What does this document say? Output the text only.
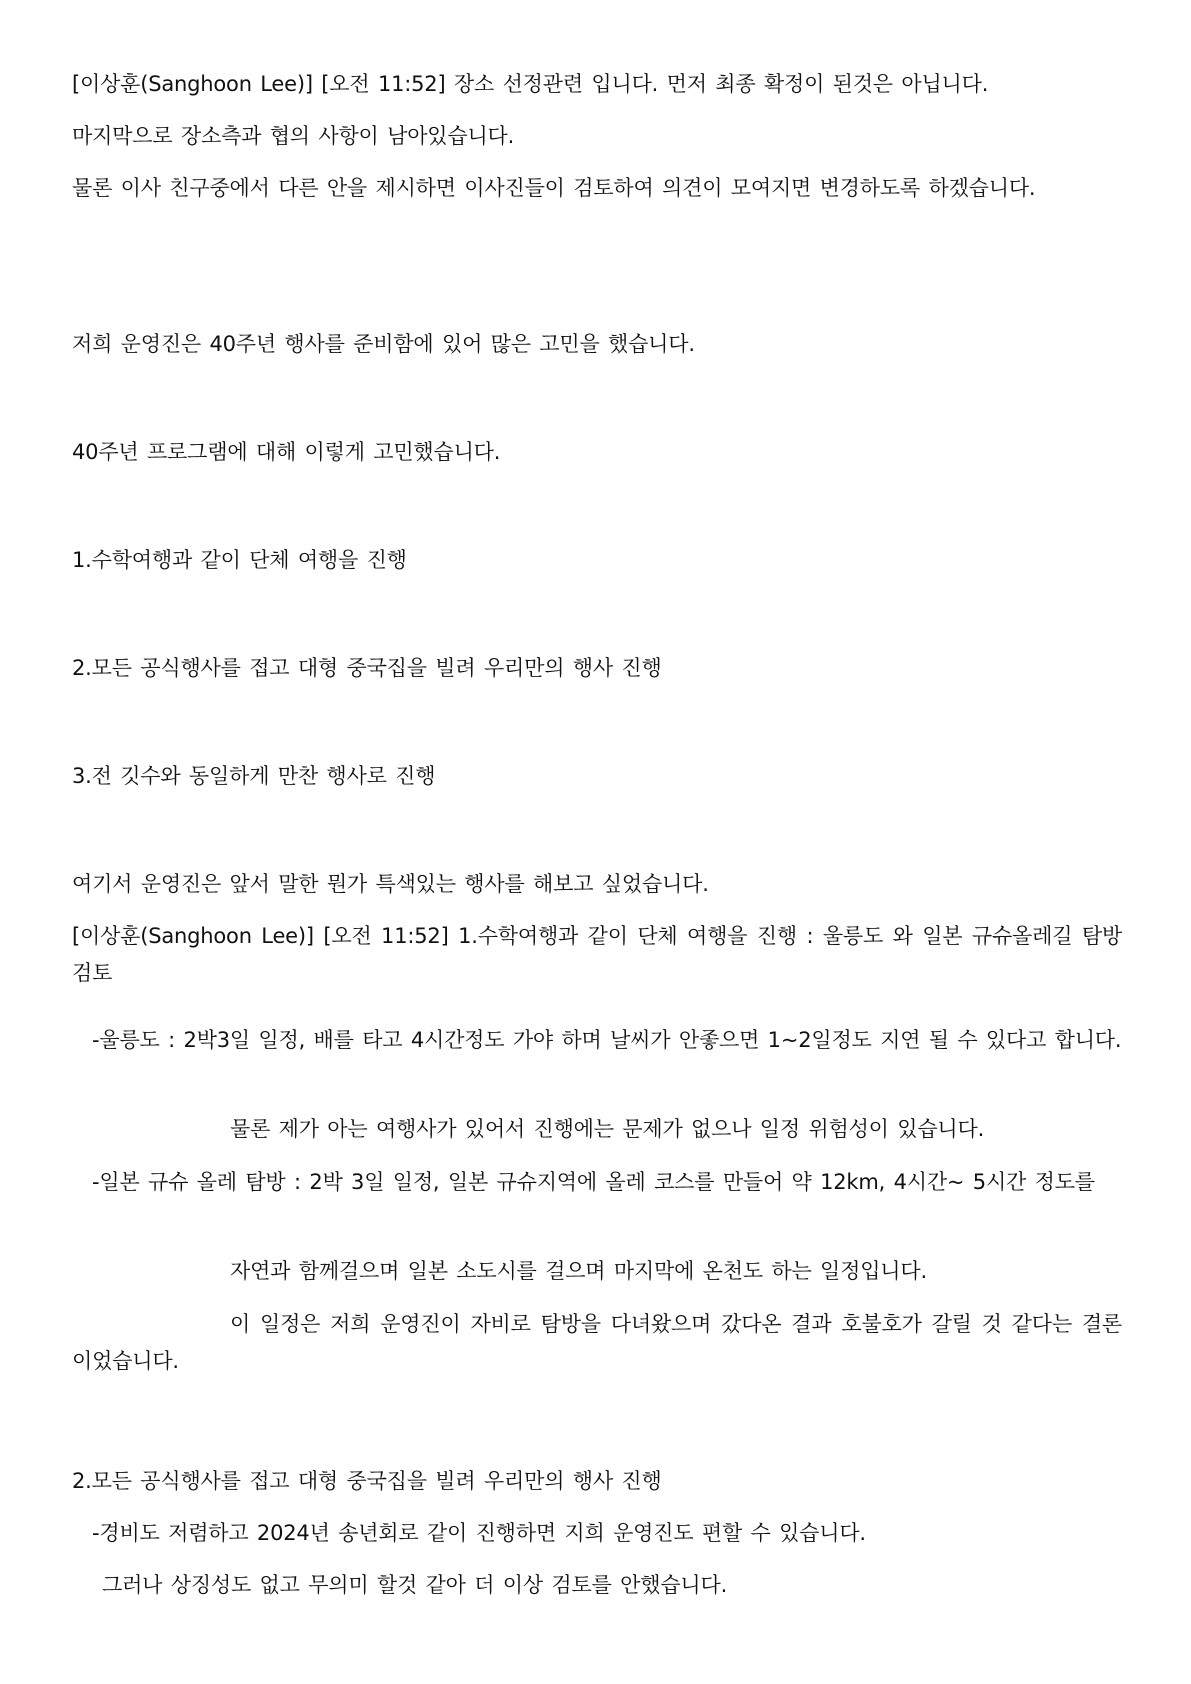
[이상훈(Sanghoon Lee)] [오전 11:52] 장소 선정관련 입니다. 먼저 최종 확정이 된것은 아닙니다.

마지막으로 장소측과 협의 사항이 남아있습니다.

물론 이사 친구중에서 다른 안을 제시하면 이사진들이 검토하여 의견이 모여지면 변경하도록 하겠습니다.

저희 운영진은 40주년 행사를 준비함에 있어 많은 고민을 했습니다.

40주년 프로그램에 대해 이렇게 고민했습니다.

1.수학여행과 같이 단체 여행을 진행

2.모든 공식행사를 접고 대형 중국집을 빌려 우리만의 행사 진행

3.전 깃수와 동일하게 만찬 행사로 진행

여기서 운영진은 앞서 말한 뭔가 특색있는 행사를 해보고 싶었습니다.

[이상훈(Sanghoon Lee)] [오전 11:52] 1.수학여행과 같이 단체 여행을 진행 : 울릉도 와 일본 규슈올레길 탐방 검토

-울릉도 : 2박3일 일정, 배를 타고 4시간정도 가야 하며 날씨가 안좋으면 1~2일정도 지연 될 수 있다고 합니다.

물론 제가 아는 여행사가 있어서 진행에는 문제가 없으나 일정 위험성이 있습니다.

-일본 규슈 올레 탐방 : 2박 3일 일정, 일본 규슈지역에 올레 코스를 만들어 약 12km, 4시간~ 5시간 정도를

자연과 함께걸으며 일본 소도시를 걸으며 마지막에 온천도 하는 일정입니다.

이 일정은 저희 운영진이 자비로 탐방을 다녀왔으며 갔다온 결과 호불호가 갈릴 것 같다는 결론이었습니다.

2.모든 공식행사를 접고 대형 중국집을 빌려 우리만의 행사 진행

-경비도 저렴하고 2024년 송년회로 같이 진행하면 지희 운영진도 편할 수 있습니다.

그러나 상징성도 없고 무의미 할것 같아 더 이상 검토를 안했습니다.
